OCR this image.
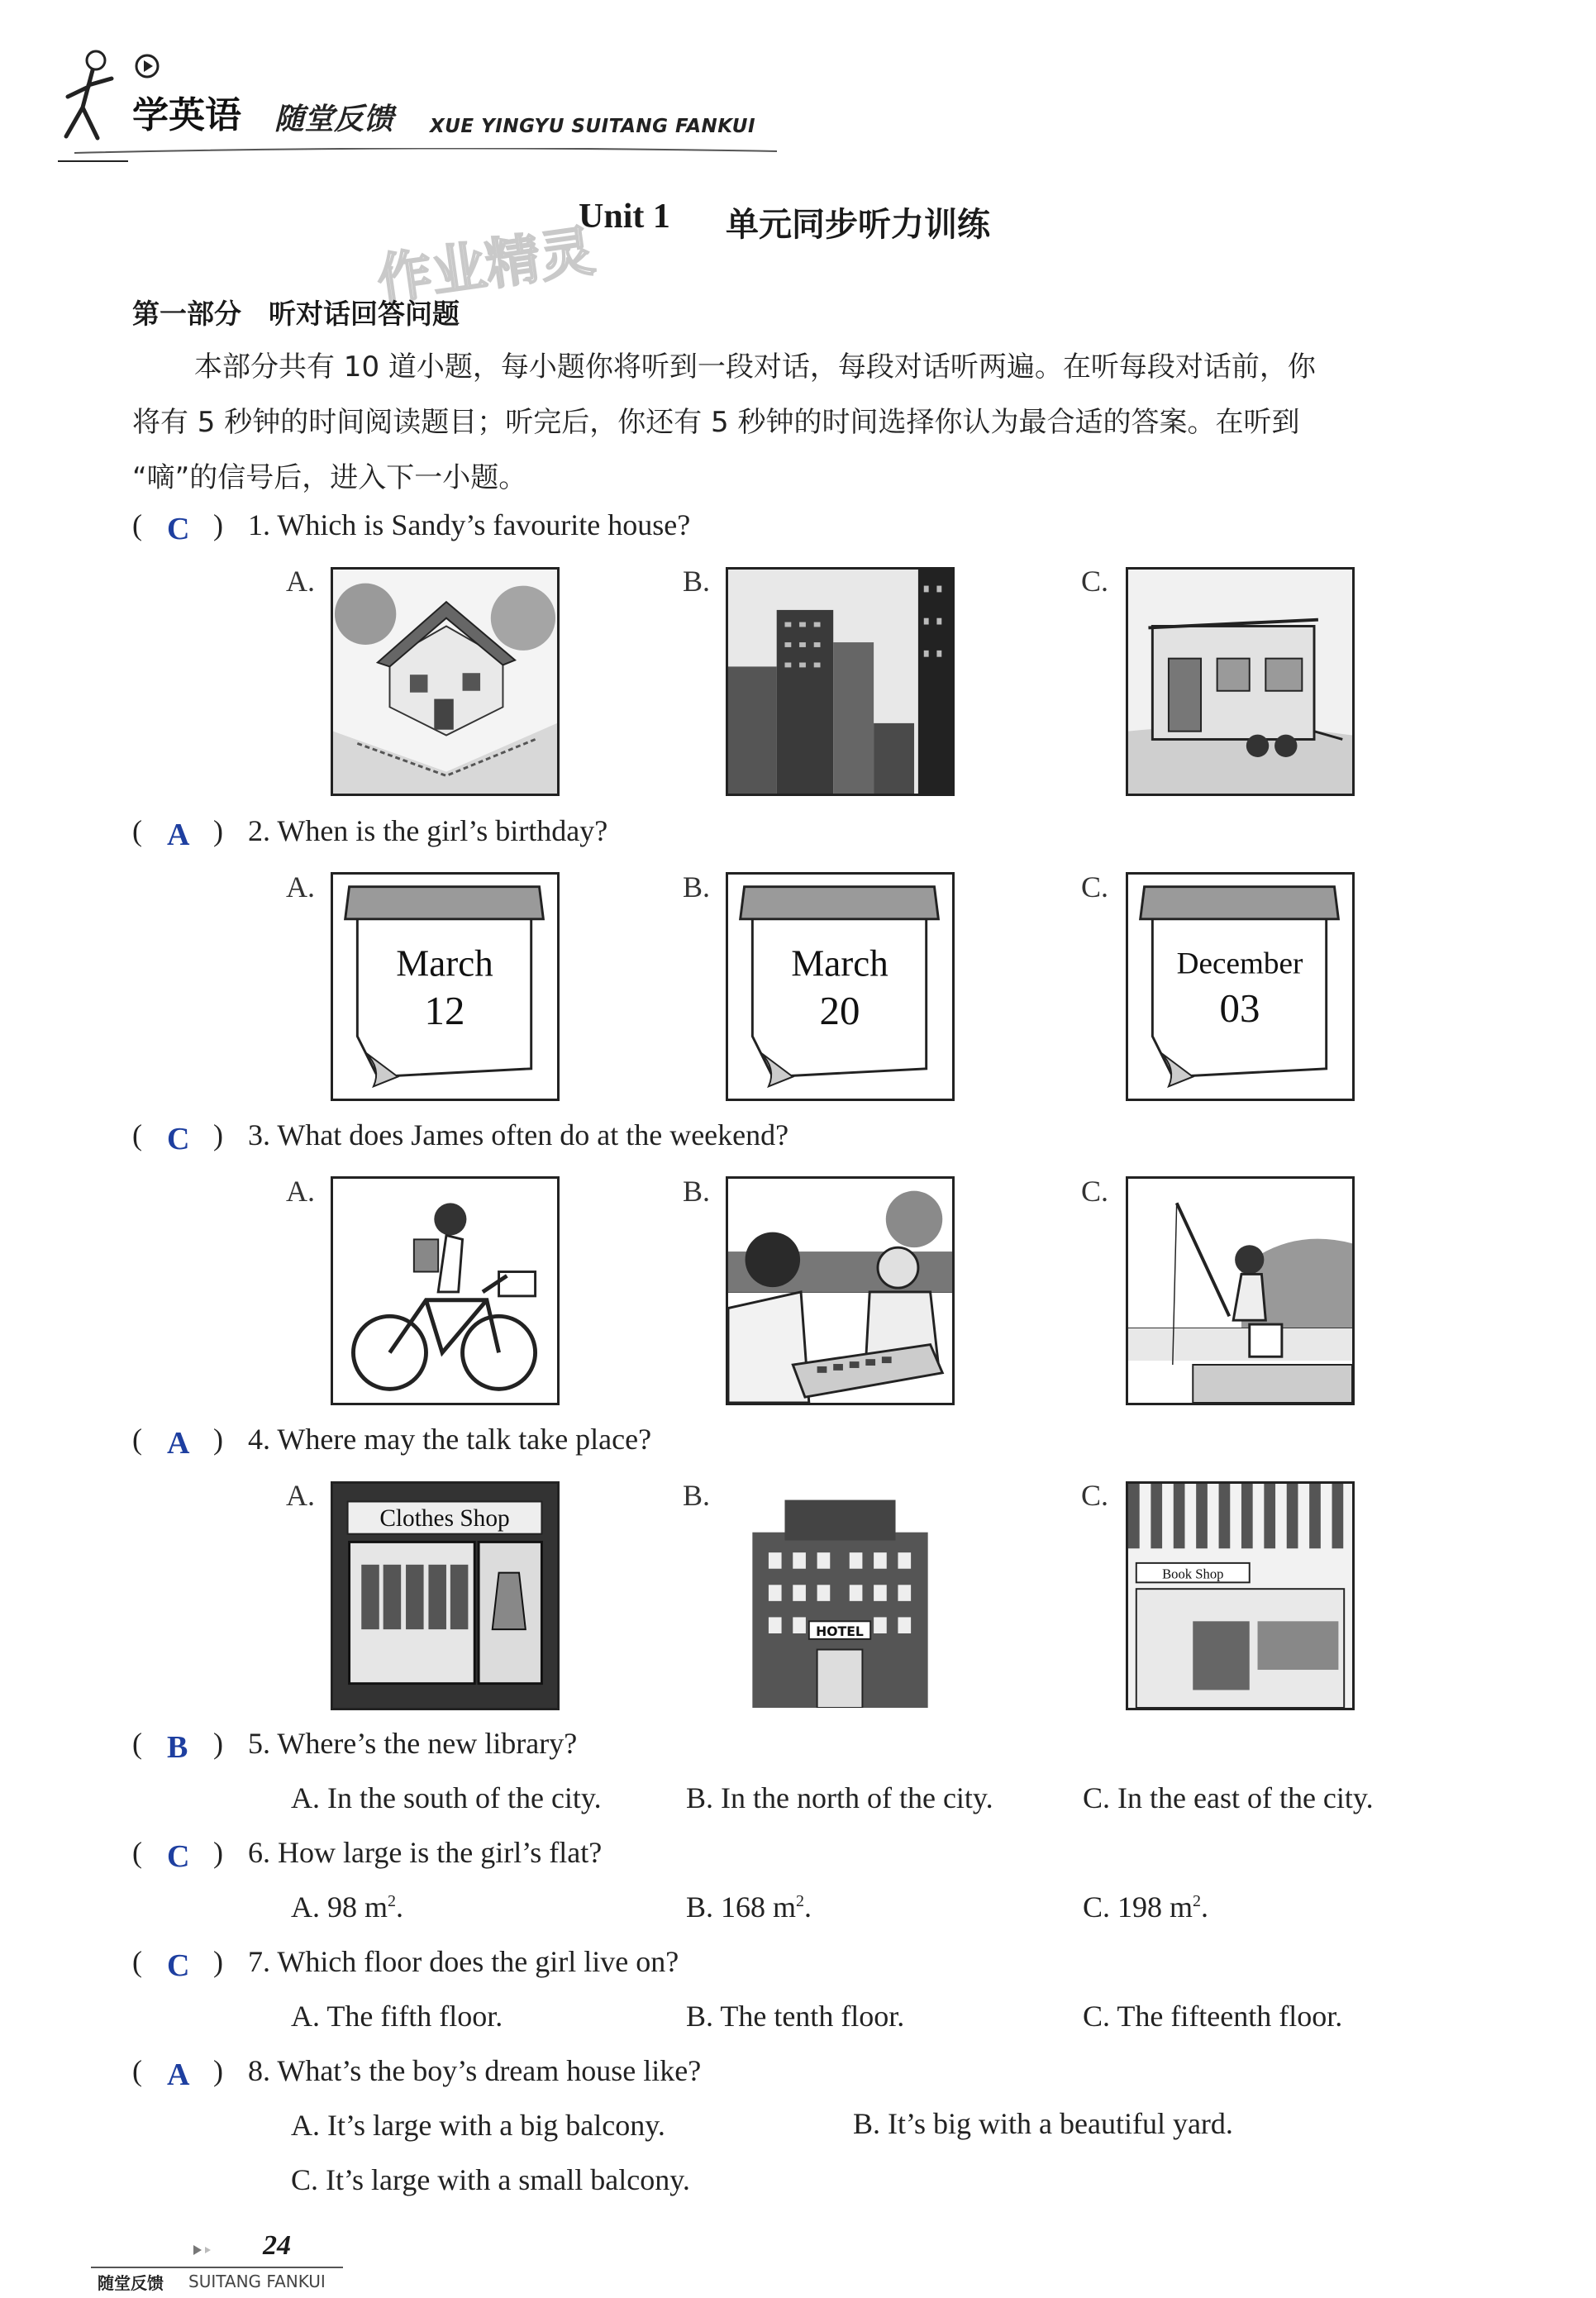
学英语 随堂反馈 XUE YINGYU SUITANG FANKUI
作业精灵
Unit 1 单元同步听力训练
第一部分　听对话回答问题
本部分共有 10 道小题，每小题你将听到一段对话，每段对话听两遍。在听每段对话前，你
将有 5 秒钟的时间阅读题目；听完后，你还有 5 秒钟的时间选择你认为最合适的答案。在听到
“嘀”的信号后，进入下一小题。
( C ) 1. Which is Sandy’s favourite house?
A.	B.	C.
( A ) 2. When is the girl’s birthday?
A.	B.	C.
March
12
March
20
December
03
( C ) 3. What does James often do at the weekend?
A.	B.	C.
( A ) 4. Where may the talk take place?
A.	B.	C.
Clothes Shop
HOTEL
Book Shop
( B ) 5. Where’s the new library?
A. In the south of the city.	B. In the north of the city.	C. In the east of the city.
( C ) 6. How large is the girl’s flat?
A. 98 $m^2$.	B. 168 $m^2$.	C. 198 $m^2$.
( C ) 7. Which floor does the girl live on?
A. The fifth floor.	B. The tenth floor.	C. The fifteenth floor.
( A ) 8. What’s the boy’s dream house like?
A. It’s large with a big balcony.	B. It’s big with a beautiful yard.
C. It’s large with a small balcony.
24
随堂反馈 SUITANG FANKUI
